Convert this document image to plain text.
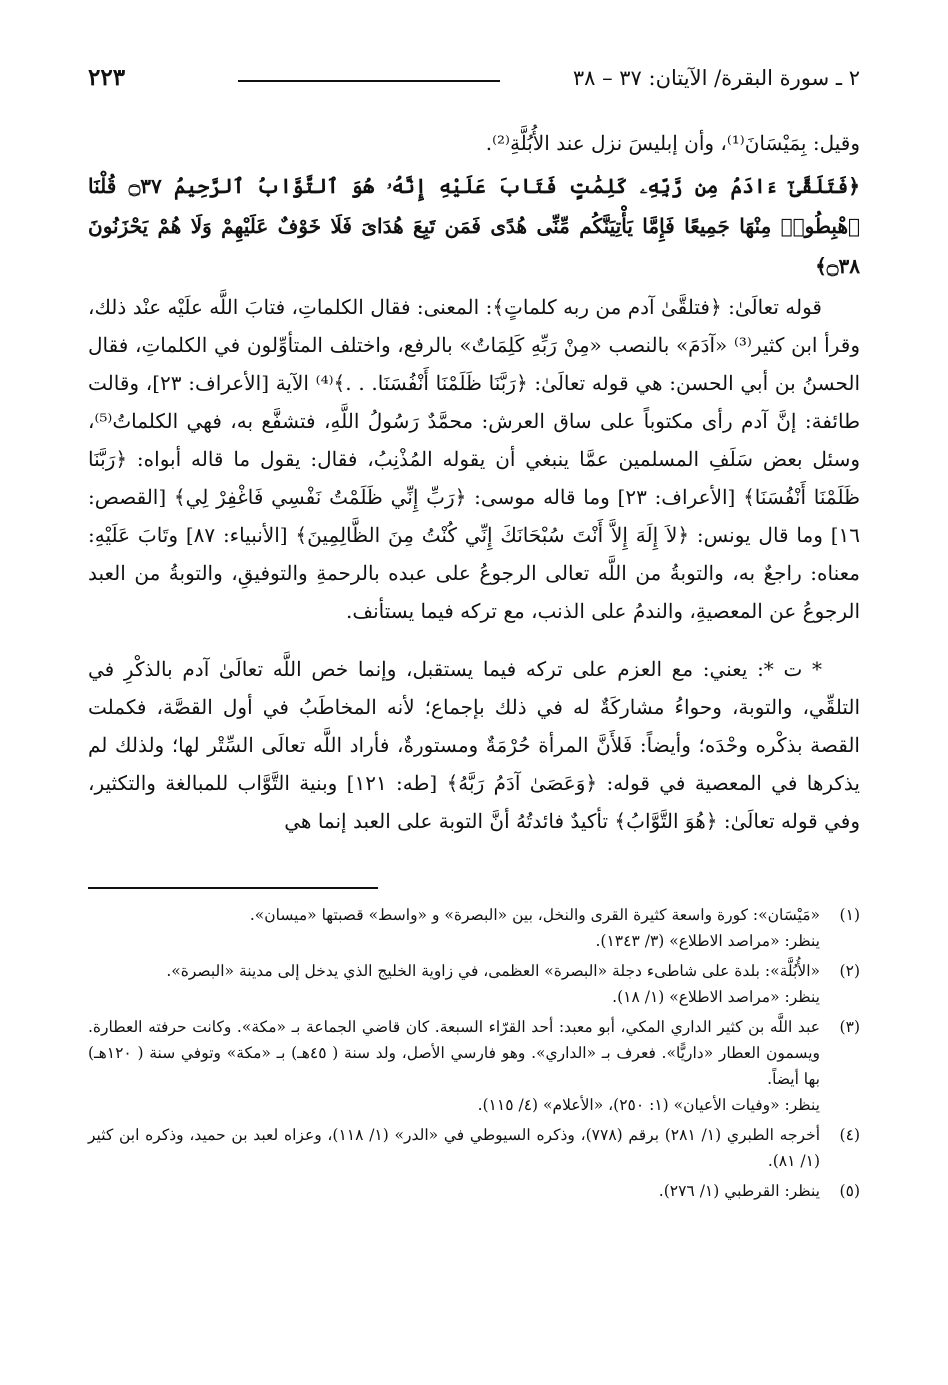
٢ ـ سورة البقرة/ الآيتان: ٣٧ – ٣٨
٢٢٣

وقيل: بِمَيْسَانَ⁽¹⁾، وأن إبليسَ نزل عند الأُبُلَّةِ⁽²⁾.

﴿فَتَلَقَّىٰٓ ءَادَمُ مِن رَّبِّهِۦ كَلِمَٰتٍ فَتَابَ عَلَيْهِ إِنَّهُۥ هُوَ ٱلتَّوَّابُ ٱلرَّحِيمُ ۝٣٧ قُلْنَا ٱهْبِطُوا۟ مِنْهَا جَمِيعًا فَإِمَّا يَأْتِيَنَّكُم مِّنِّى هُدًى فَمَن تَبِعَ هُدَاىَ فَلَا خَوْفٌ عَلَيْهِمْ وَلَا هُمْ يَحْزَنُونَ ۝٣٨﴾

قوله تعالَىٰ: ﴿فتلقَّىٰ آدم من ربه كلماتٍ﴾: المعنى: فقال الكلماتِ، فتابَ اللَّه علَيْه عنْد ذلك، وقرأ ابن كثير⁽³⁾ «آدَمَ» بالنصب «مِنْ رَبِّهِ كَلِمَاتٌ» بالرفع، واختلف المتأوِّلون في الكلماتِ، فقال الحسنُ بن أبي الحسن: هي قوله تعالَىٰ: ﴿رَبَّنَا ظَلَمْنَا أَنْفُسَنَا. . .﴾⁽⁴⁾ الآية [الأعراف: ٢٣]، وقالت طائفة: إنَّ آدم رأى مكتوباً على ساق العرش: محمَّدٌ رَسُولُ اللَّهِ، فتشفَّع به، فهي الكلماتُ⁽⁵⁾، وسئل بعض سَلَفِ المسلمين عمَّا ينبغي أن يقوله المُذْنِبُ، فقال: يقول ما قاله أبواه: ﴿رَبَّنَا ظَلَمْنَا أَنْفُسَنَا﴾ [الأعراف: ٢٣] وما قاله موسى: ﴿رَبِّ إِنِّي ظَلَمْتُ نَفْسِي فَاغْفِرْ لِي﴾ [القصص: ١٦] وما قال يونس: ﴿لاَ إِلَهَ إِلاَّ أَنْتَ سُبْحَانَكَ إِنِّي كُنْتُ مِنَ الظَّالِمِينَ﴾ [الأنبياء: ٨٧] وتَابَ عَلَيْهِ: معناه: راجعٌ به، والتوبةُ من اللَّه تعالى الرجوعُ على عبده بالرحمةِ والتوفيقِ، والتوبةُ من العبد الرجوعُ عن المعصيةِ، والندمُ على الذنب، مع تركه فيما يستأنف.

* ت *: يعني: مع العزم على تركه فيما يستقبل، وإنما خص اللَّه تعالَىٰ آدم بالذكْرِ في التلقِّي، والتوبة، وحواءُ مشاركَةٌ له في ذلك بإجماع؛ لأنه المخاطَبُ في أول القصَّة، فكملت القصة بذكْره وحْدَه؛ وأيضاً: فَلأَنَّ المرأة حُرْمَةٌ ومستورةٌ، فأراد اللَّه تعالَى السِّتْر لها؛ ولذلك لم يذكرها في المعصية في قوله: ﴿وَعَصَىٰ آدَمُ رَبَّهُ﴾ [طه: ١٢١] وبنية التَّوَّاب للمبالغة والتكثير، وفي قوله تعالَىٰ: ﴿هُوَ التَّوَّابُ﴾ تأكيدٌ فائدتُهُ أنَّ التوبة على العبد إنما هي

(١)
«مَيْسَان»: كورة واسعة كثيرة القرى والنخل، بين «البصرة» و «واسط» قصبتها «ميسان».
ينظر: «مراصد الاطلاع» (٣/ ١٣٤٣).
(٢)
«الأُبُلَّة»: بلدة على شاطىء دجلة «البصرة» العظمى، في زاوية الخليج الذي يدخل إلى مدينة «البصرة».
ينظر: «مراصد الاطلاع» (١/ ١٨).
(٣)
عبد اللَّه بن كثير الداري المكي، أبو معبد: أحد القرّاء السبعة. كان قاضي الجماعة بـ «مكة». وكانت حرفته العطارة. ويسمون العطار «داريًّا». فعرف بـ «الداري». وهو فارسي الأصل، ولد سنة ( ٤٥هـ) بـ «مكة» وتوفي سنة ( ١٢٠هـ) بها أيضاً.
ينظر: «وفيات الأعيان» (١: ٢٥٠)، «الأعلام» (٤/ ١١٥).
(٤)
أخرجه الطبري (١/ ٢٨١) برقم (٧٧٨)، وذكره السيوطي في «الدر» (١/ ١١٨)، وعزاه لعبد بن حميد، وذكره ابن كثير (١/ ٨١).
(٥)
ينظر: القرطبي (١/ ٢٧٦).
